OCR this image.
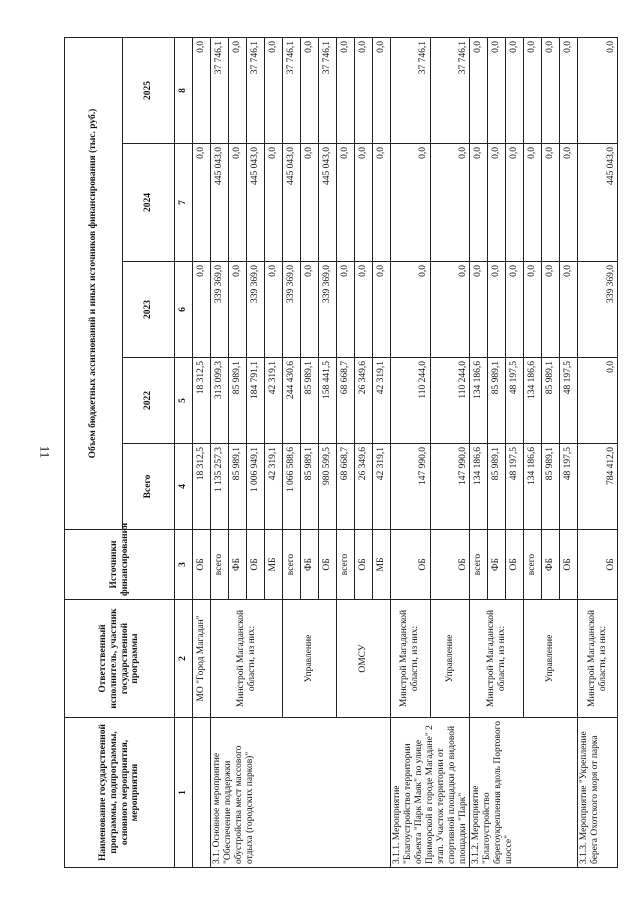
11
Наименование государственной программы, подпрограммы, основного мероприятия, мероприятия	Ответственный исполнитель, участник государственной программы	Источники финансирования	Объем бюджетных ассигнований и иных источников финансирования (тыс. руб.)				
			Всего	2022	2023	2024	2025

1	2	3	4	5	6	7	8
	МО "Город Магадан"	ОБ	18 312,5	18 312,5	0,0	0,0	0,0
3.1. Основное мероприятие "Обеспечение поддержки обустройства мест массового отдыха (городских парков)"	Минстрой Магаданской области, из них:	всего	1 135 257,3	313 099,3	339 369,0	445 043,0	37 746,1
		ФБ	85 989,1	85 989,1	0,0	0,0	0,0
		ОБ	1 006 949,1	184 791,1	339 369,0	445 043,0	37 746,1
		МБ	42 319,1	42 319,1	0,0	0,0	0,0
	Управление	всего	1 066 588,6	244 430,6	339 369,0	445 043,0	37 746,1
		ФБ	85 989,1	85 989,1	0,0	0,0	0,0
		ОБ	980 599,5	158 441,5	339 369,0	445 043,0	37 746,1
	ОМСУ	всего	68 668,7	68 668,7	0,0	0,0	0,0
		ОБ	26 349,6	26 349,6	0,0	0,0	0,0
		МБ	42 319,1	42 319,1	0,0	0,0	0,0
3.1.1. Мероприятие "Благоустройство территории объекта "Парк Маяк" по улице Приморской в городе Магадане" 2 этап. Участок территории от спортивной площадки до видовой площадки "Парк"	Минстрой Магаданской области, из них:	ОБ	147 990,0	110 244,0	0,0	0,0	37 746,1
	Управление	ОБ	147 990,0	110 244,0	0,0	0,0	37 746,1
3.1.2. Мероприятие "Благоустройство берегоукрепления вдоль Портового шоссе"	Минстрой Магаданской области, из них:	всего	134 186,6	134 186,6	0,0	0,0	0,0
		ФБ	85 989,1	85 989,1	0,0	0,0	0,0
		ОБ	48 197,5	48 197,5	0,0	0,0	0,0
	Управление	всего	134 186,6	134 186,6	0,0	0,0	0,0
		ФБ	85 989,1	85 989,1	0,0	0,0	0,0
		ОБ	48 197,5	48 197,5	0,0	0,0	0,0
3.1.3. Мероприятие "Укрепление берега Охотского моря от парка	Минстрой Магаданской области, из них:	ОБ	784 412,0	0,0	339 369,0	445 043,0	0,0
